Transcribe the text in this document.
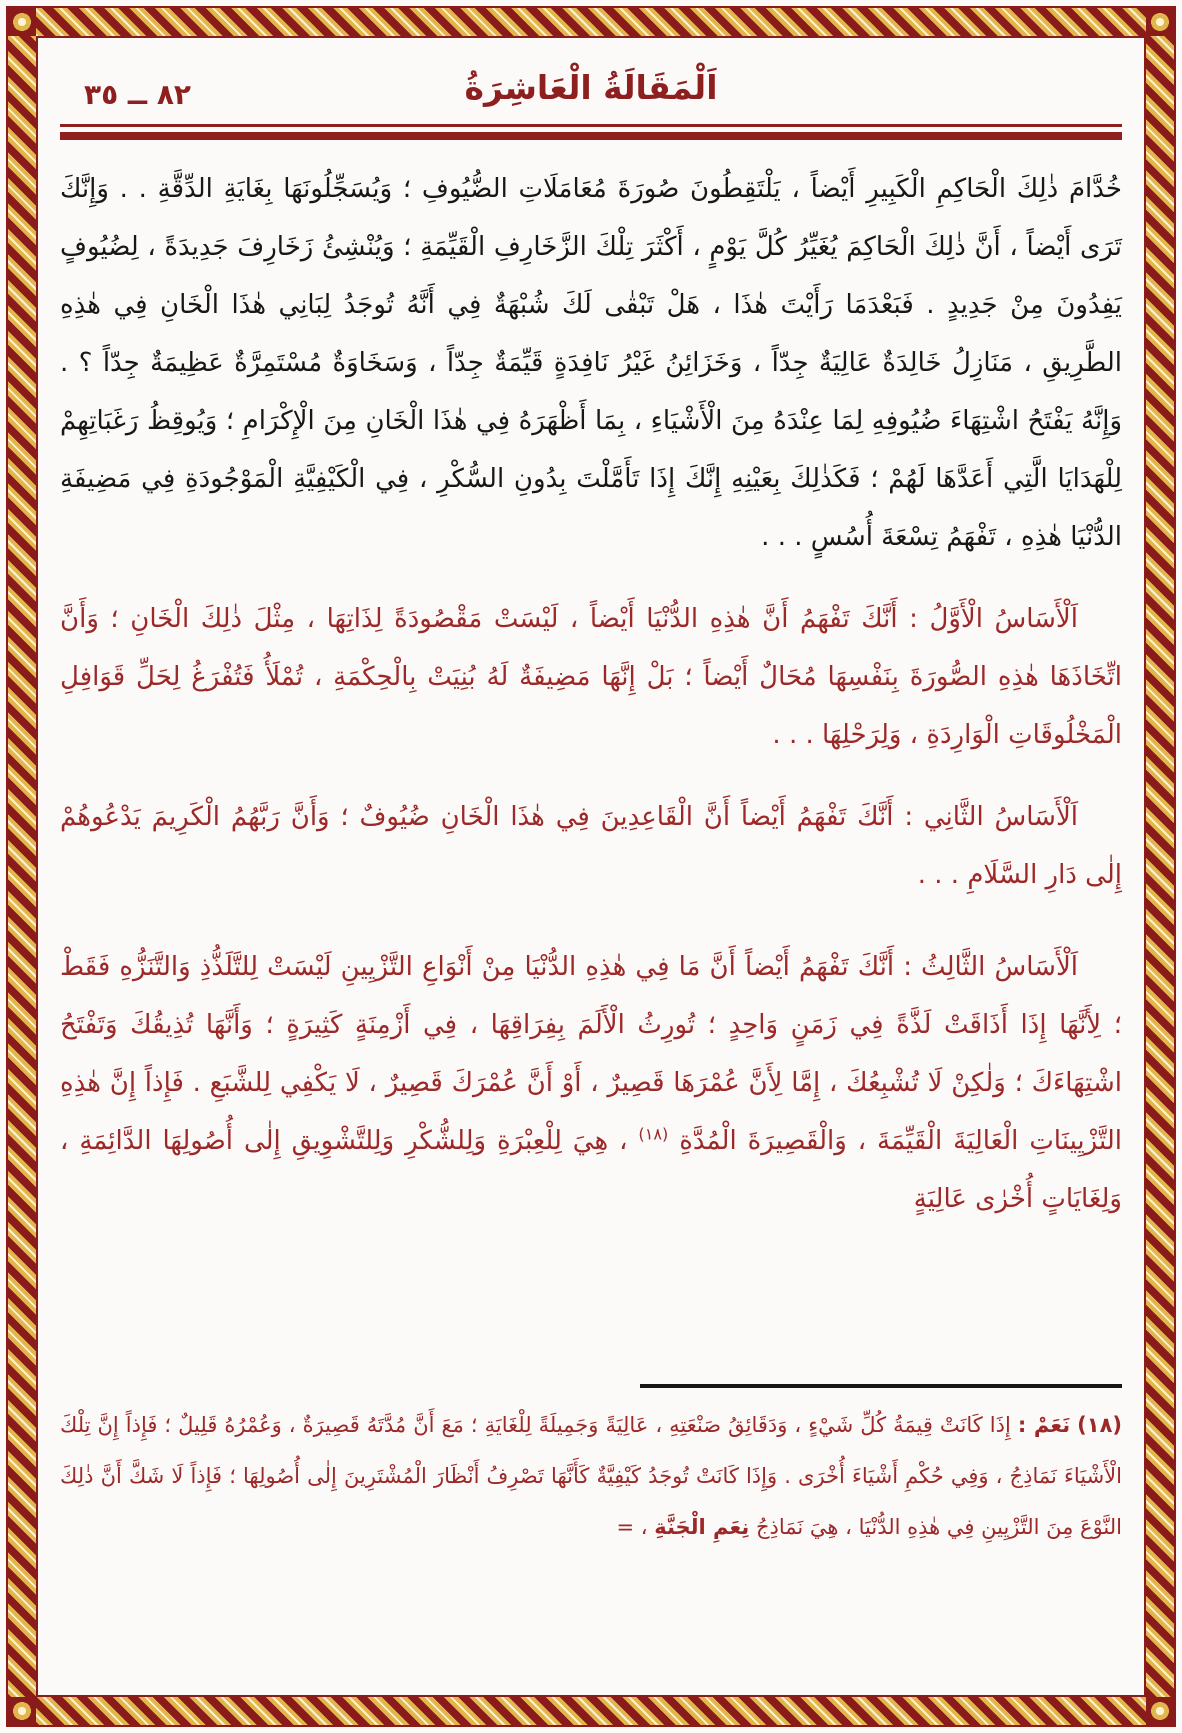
اَلْمَقَالَةُ الْعَاشِرَةُ
٨٢ ــ ٣٥

خُدَّامَ ذٰلِكَ الْحَاكِمِ الْكَبِيرِ أَيْضاً ، يَلْتَقِطُونَ صُورَةَ مُعَامَلَاتِ الضُّيُوفِ ؛ وَيُسَجِّلُونَهَا بِغَايَةِ الدِّقَّةِ . . وَإِنَّكَ تَرَى أَيْضاً ، أَنَّ ذٰلِكَ الْحَاكِمَ يُغَيِّرُ كُلَّ يَوْمٍ ، أَكْثَرَ تِلْكَ الزَّخَارِفِ الْقَيِّمَةِ ؛ وَيُنْشِئُ زَخَارِفَ جَدِيدَةً ، لِضُيُوفٍ يَفِدُونَ مِنْ جَدِيدٍ . فَبَعْدَمَا رَأَيْتَ هٰذَا ، هَلْ تَبْقٰى لَكَ شُبْهَةٌ فِي أَنَّهُ تُوجَدُ لِبَانِي هٰذَا الْخَانِ فِي هٰذِهِ الطَّرِيقِ ، مَنَازِلُ خَالِدَةٌ عَالِيَةٌ جِدّاً ، وَخَزَائِنُ غَيْرُ نَافِدَةٍ قَيِّمَةٌ جِدّاً ، وَسَخَاوَةٌ مُسْتَمِرَّةٌ عَظِيمَةٌ جِدّاً ؟ . وَإِنَّهُ يَفْتَحُ اشْتِهَاءَ ضُيُوفِهِ لِمَا عِنْدَهُ مِنَ الْأَشْيَاءِ ، بِمَا أَظْهَرَهُ فِي هٰذَا الْخَانِ مِنَ الْإِكْرَامِ ؛ وَيُوقِظُ رَغَبَاتِهِمْ لِلْهَدَايَا الَّتِي أَعَدَّهَا لَهُمْ ؛ فَكَذٰلِكَ بِعَيْنِهِ إِنَّكَ إِذَا تَأَمَّلْتَ بِدُونِ السُّكْرِ ، فِي الْكَيْفِيَّةِ الْمَوْجُودَةِ فِي مَضِيفَةِ الدُّنْيَا هٰذِهِ ، تَفْهَمُ تِسْعَةَ أُسُسٍ . . .

اَلْأَسَاسُ الْأَوَّلُ : أَنَّكَ تَفْهَمُ أَنَّ هٰذِهِ الدُّنْيَا أَيْضاً ، لَيْسَتْ مَقْصُودَةً لِذَاتِهَا ، مِثْلَ ذٰلِكَ الْخَانِ ؛ وَأَنَّ اتِّخَاذَهَا هٰذِهِ الصُّورَةَ بِنَفْسِهَا مُحَالٌ أَيْضاً ؛ بَلْ إِنَّهَا مَضِيفَةٌ لَهُ بُنِيَتْ بِالْحِكْمَةِ ، تُمْلَأُ فَتُفْرَغُ لِحَلِّ قَوَافِلِ الْمَخْلُوقَاتِ الْوَارِدَةِ ، وَلِرَحْلِهَا . . .

اَلْأَسَاسُ الثَّانِي : أَنَّكَ تَفْهَمُ أَيْضاً أَنَّ الْقَاعِدِينَ فِي هٰذَا الْخَانِ ضُيُوفٌ ؛ وَأَنَّ رَبَّهُمُ الْكَرِيمَ يَدْعُوهُمْ إِلٰى دَارِ السَّلَامِ . . .

اَلْأَسَاسُ الثَّالِثُ : أَنَّكَ تَفْهَمُ أَيْضاً أَنَّ مَا فِي هٰذِهِ الدُّنْيَا مِنْ أَنْوَاعِ التَّزْيِينِ لَيْسَتْ لِلتَّلَذُّذِ وَالتَّنَزُّهِ فَقَطْ ؛ لِأَنَّهَا إِذَا أَذَاقَتْ لَذَّةً فِي زَمَنٍ وَاحِدٍ ؛ تُورِثُ الْأَلَمَ بِفِرَاقِهَا ، فِي أَزْمِنَةٍ كَثِيرَةٍ ؛ وَأَنَّهَا تُذِيقُكَ وَتَفْتَحُ اشْتِهَاءَكَ ؛ وَلٰكِنْ لَا تُشْبِعُكَ ، إِمَّا لِأَنَّ عُمْرَهَا قَصِيرٌ ، أَوْ أَنَّ عُمْرَكَ قَصِيرٌ ، لَا يَكْفِي لِلشَّبَعِ . فَإِذاً إِنَّ هٰذِهِ التَّزْيِينَاتِ الْعَالِيَةَ الْقَيِّمَةَ ، وَالْقَصِيرَةَ الْمُدَّةِ $^{(١٨)}$ ، هِيَ لِلْعِبْرَةِ وَلِلشُّكْرِ وَلِلتَّشْوِيقِ إِلٰى أُصُولِهَا الدَّائِمَةِ ، وَلِغَايَاتٍ أُخْرٰى عَالِيَةٍ

(١٨) نَعَمْ : إِذَا كَانَتْ قِيمَةُ كُلِّ شَيْءٍ ، وَدَقَائِقُ صَنْعَتِهِ ، عَالِيَةً وَجَمِيلَةً لِلْغَايَةِ ؛ مَعَ أَنَّ مُدَّتَهُ قَصِيرَةٌ ، وَعُمْرُهُ قَلِيلٌ ؛ فَإِذاً إِنَّ تِلْكَ الْأَشْيَاءَ نَمَاذِجُ ، وَفِي حُكْمِ أَشْيَاءَ أُخْرَى . وَإِذَا كَانَتْ تُوجَدُ كَيْفِيَّةٌ كَأَنَّهَا تَصْرِفُ أَنْظَارَ الْمُشْتَرِينَ إِلٰى أُصُولِهَا ؛ فَإِذاً لَا شَكَّ أَنَّ ذٰلِكَ النَّوْعَ مِنَ التَّزْيِينِ فِي هٰذِهِ الدُّنْيَا ، هِيَ نَمَاذِجُ نِعَمِ الْجَنَّةِ ، =
